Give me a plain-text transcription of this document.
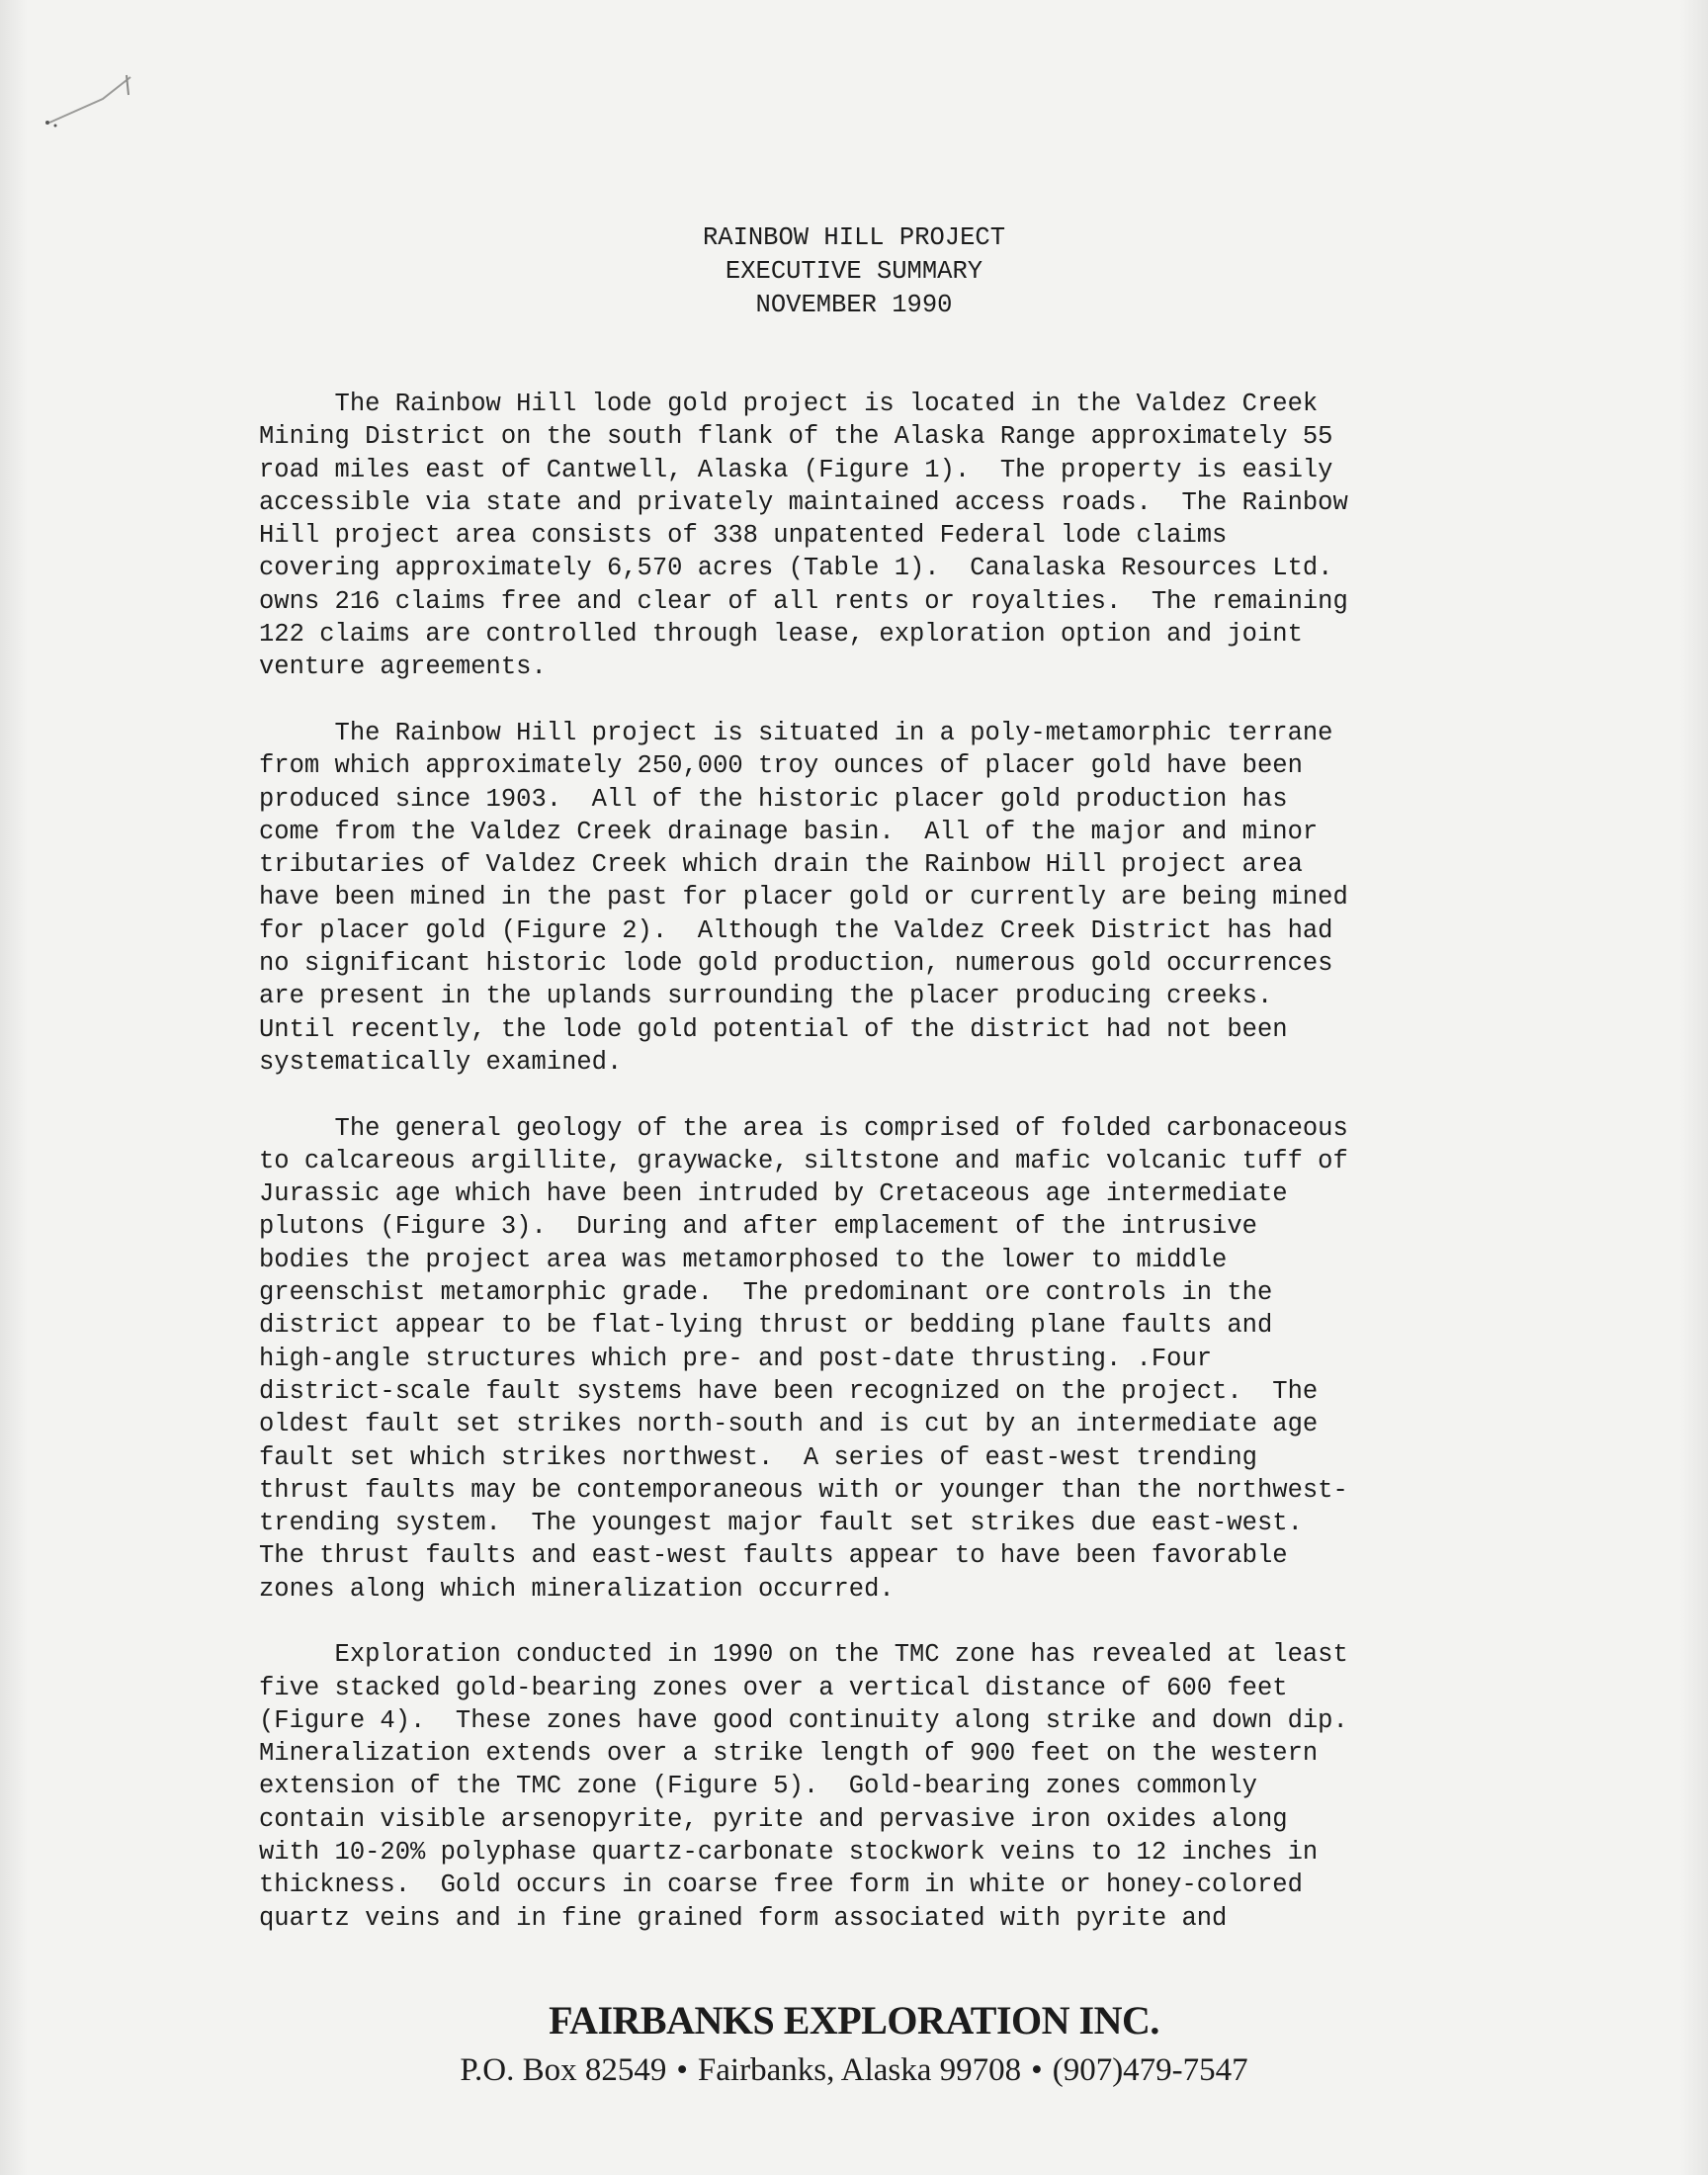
RAINBOW HILL PROJECT
EXECUTIVE SUMMARY
NOVEMBER 1990
The Rainbow Hill lode gold project is located in the Valdez Creek
Mining District on the south flank of the Alaska Range approximately 55
road miles east of Cantwell, Alaska (Figure 1).  The property is easily
accessible via state and privately maintained access roads.  The Rainbow
Hill project area consists of 338 unpatented Federal lode claims
covering approximately 6,570 acres (Table 1).  Canalaska Resources Ltd.
owns 216 claims free and clear of all rents or royalties.  The remaining
122 claims are controlled through lease, exploration option and joint
venture agreements.
The Rainbow Hill project is situated in a poly-metamorphic terrane
from which approximately 250,000 troy ounces of placer gold have been
produced since 1903.  All of the historic placer gold production has
come from the Valdez Creek drainage basin.  All of the major and minor
tributaries of Valdez Creek which drain the Rainbow Hill project area
have been mined in the past for placer gold or currently are being mined
for placer gold (Figure 2).  Although the Valdez Creek District has had
no significant historic lode gold production, numerous gold occurrences
are present in the uplands surrounding the placer producing creeks.
Until recently, the lode gold potential of the district had not been
systematically examined.
The general geology of the area is comprised of folded carbonaceous
to calcareous argillite, graywacke, siltstone and mafic volcanic tuff of
Jurassic age which have been intruded by Cretaceous age intermediate
plutons (Figure 3).  During and after emplacement of the intrusive
bodies the project area was metamorphosed to the lower to middle
greenschist metamorphic grade.  The predominant ore controls in the
district appear to be flat-lying thrust or bedding plane faults and
high-angle structures which pre- and post-date thrusting. .Four
district-scale fault systems have been recognized on the project.  The
oldest fault set strikes north-south and is cut by an intermediate age
fault set which strikes northwest.  A series of east-west trending
thrust faults may be contemporaneous with or younger than the northwest-
trending system.  The youngest major fault set strikes due east-west.
The thrust faults and east-west faults appear to have been favorable
zones along which mineralization occurred.
Exploration conducted in 1990 on the TMC zone has revealed at least
five stacked gold-bearing zones over a vertical distance of 600 feet
(Figure 4).  These zones have good continuity along strike and down dip.
Mineralization extends over a strike length of 900 feet on the western
extension of the TMC zone (Figure 5).  Gold-bearing zones commonly
contain visible arsenopyrite, pyrite and pervasive iron oxides along
with 10-20% polyphase quartz-carbonate stockwork veins to 12 inches in
thickness.  Gold occurs in coarse free form in white or honey-colored
quartz veins and in fine grained form associated with pyrite and
FAIRBANKS EXPLORATION INC.
P.O. Box 82549 • Fairbanks, Alaska 99708 • (907)479-7547
